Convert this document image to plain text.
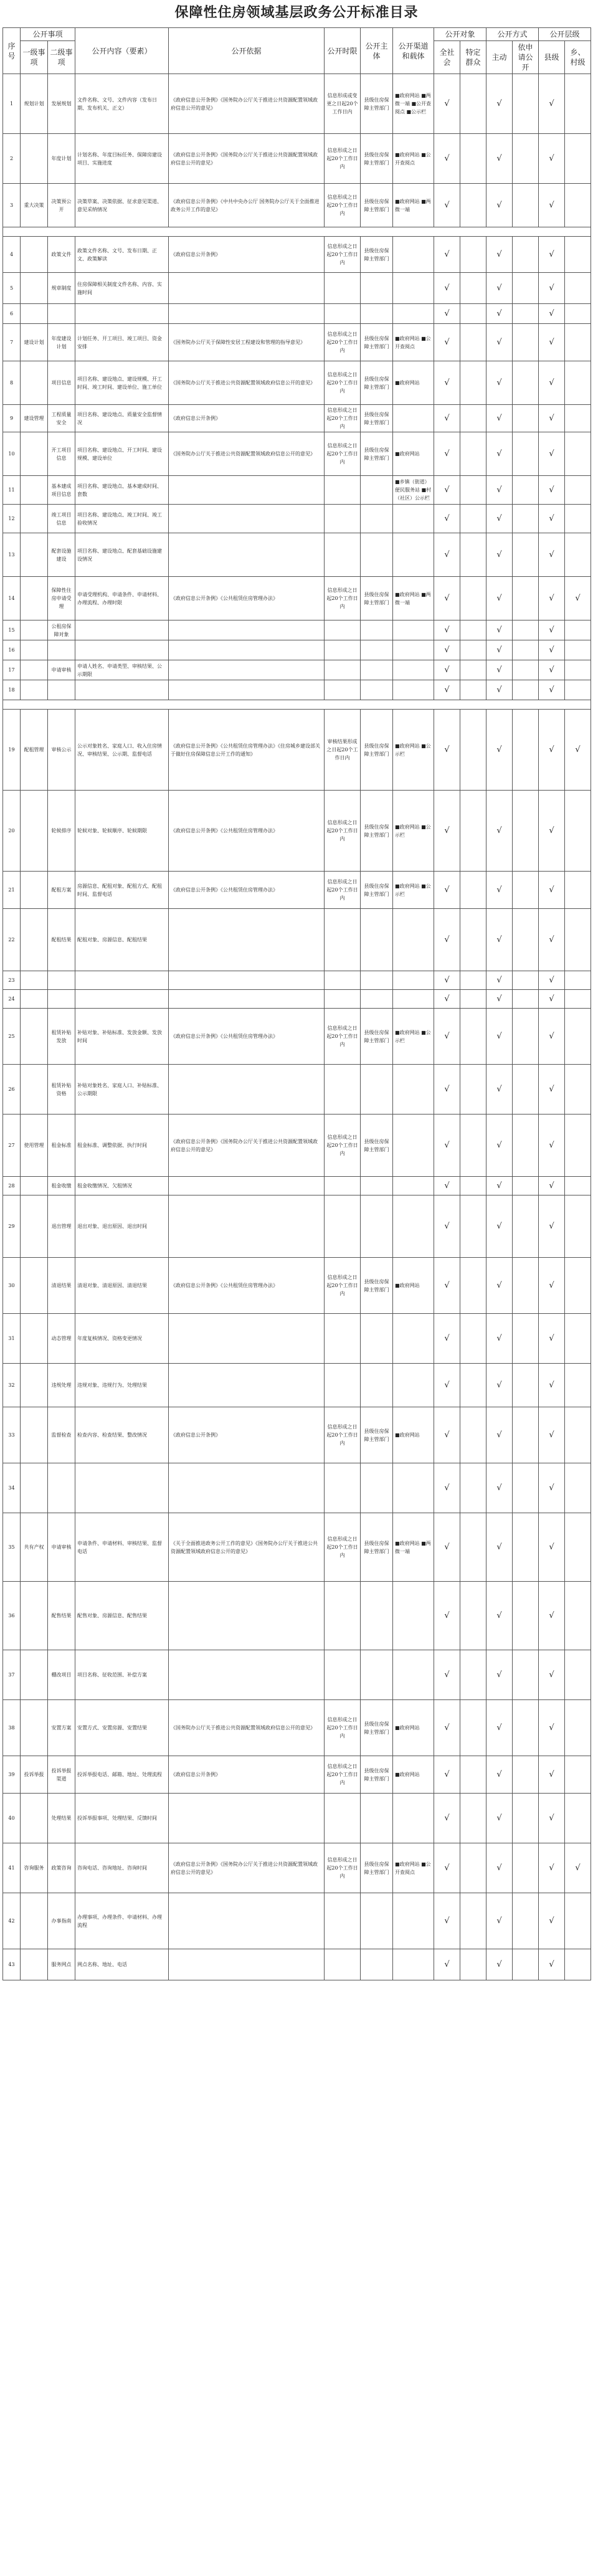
保障性住房领域基层政务公开标准目录
序号	公开事项		公开内容（要素）	公开依据	公开时限	公开主体	公开渠道和载体	公开对象		公开方式		公开层级	
	一级事项	二级事项						全社会	特定群众	主动	依申请公开	县级	乡、村级
1	规划计划	发展规划	文件名称、文号、文件内容（发布日期、发布机关、正文）	《政府信息公开条例》《国务院办公厅关于推进公共资源配置领域政府信息公开的意见》	信息形成或变更之日起20个工作日内	县级住房保障主管部门	■政府网站 ■两微一端 ■公开查阅点 ■公示栏	√		√		√	
2		年度计划	计划名称、年度目标任务、保障房建设项目、实施进度	《政府信息公开条例》《国务院办公厅关于推进公共资源配置领域政府信息公开的意见》	信息形成之日起20个工作日内	县级住房保障主管部门	■政府网站 ■公开查阅点	√		√		√	
3	重大决策	决策预公开	决策草案、决策依据、征求意见渠道、意见采纳情况	《政府信息公开条例》《中共中央办公厅 国务院办公厅关于全面推进政务公开工作的意见》	信息形成之日起20个工作日内	县级住房保障主管部门	■政府网站 ■两微一端	√		√		√	

4		政策文件	政策文件名称、文号、发布日期、正文、政策解读	《政府信息公开条例》	信息形成之日起20个工作日内	县级住房保障主管部门		√		√		√	
5		规章制度	住房保障相关制度文件名称、内容、实施时间					√		√		√	
6								√		√		√	
7	建设计划	年度建设计划	计划任务、开工项目、竣工项目、资金安排	《国务院办公厅关于保障性安居工程建设和管理的指导意见》	信息形成之日起20个工作日内	县级住房保障主管部门	■政府网站 ■公开查阅点	√		√		√	
8		项目信息	项目名称、建设地点、建设规模、开工时间、竣工时间、建设单位、施工单位	《国务院办公厅关于推进公共资源配置领域政府信息公开的意见》	信息形成之日起20个工作日内	县级住房保障主管部门	■政府网站	√		√		√	
9	建设管理	工程质量安全	项目名称、建设地点、质量安全监督情况	《政府信息公开条例》	信息形成之日起20个工作日内	县级住房保障主管部门		√		√		√	
10		开工项目信息	项目名称、建设地点、开工时间、建设规模、建设单位	《国务院办公厅关于推进公共资源配置领域政府信息公开的意见》	信息形成之日起20个工作日内	县级住房保障主管部门	■政府网站	√		√		√	
11		基本建成项目信息	项目名称、建设地点、基本建成时间、套数				■乡镇（街道）便民服务站 ■村（社区）公示栏	√		√		√	
12		竣工项目信息	项目名称、建设地点、竣工时间、竣工验收情况					√		√		√	
13		配套设施建设	项目名称、建设地点、配套基础设施建设情况					√		√		√	
14		保障性住房申请受理	申请受理机构、申请条件、申请材料、办理流程、办理时限	《政府信息公开条例》《公共租赁住房管理办法》	信息形成之日起20个工作日内	县级住房保障主管部门	■政府网站 ■两微一端	√		√		√	√
15		公租房保障对象						√		√		√	
16								√		√		√	
17		申请审核	申请人姓名、申请类型、审核结果、公示期限					√		√		√	
18								√		√		√	

19	配租管理	审核公示	公示对象姓名、家庭人口、收入住房情况、审核结果、公示期、监督电话	《政府信息公开条例》《公共租赁住房管理办法》《住房城乡建设部关于做好住房保障信息公开工作的通知》	审核结果形成之日起20个工作日内	县级住房保障主管部门	■政府网站 ■公示栏	√		√		√	√
20		轮候排序	轮候对象、轮候顺序、轮候期限	《政府信息公开条例》《公共租赁住房管理办法》	信息形成之日起20个工作日内	县级住房保障主管部门	■政府网站 ■公示栏	√		√		√	
21		配租方案	房源信息、配租对象、配租方式、配租时间、监督电话	《政府信息公开条例》《公共租赁住房管理办法》	信息形成之日起20个工作日内	县级住房保障主管部门	■政府网站 ■公示栏	√		√		√	
22		配租结果	配租对象、房源信息、配租结果					√		√		√	
23								√		√		√	
24								√		√		√	
25		租赁补贴发放	补贴对象、补贴标准、发放金额、发放时间	《政府信息公开条例》《公共租赁住房管理办法》	信息形成之日起20个工作日内	县级住房保障主管部门	■政府网站 ■公示栏	√		√		√	
26		租赁补贴资格	补贴对象姓名、家庭人口、补贴标准、公示期限					√		√		√	
27	使用管理	租金标准	租金标准、调整依据、执行时间	《政府信息公开条例》《国务院办公厅关于推进公共资源配置领域政府信息公开的意见》	信息形成之日起20个工作日内	县级住房保障主管部门		√		√		√	
28		租金收缴	租金收缴情况、欠租情况					√		√		√	
29		退出管理	退出对象、退出原因、退出时间					√		√		√	
30		清退结果	清退对象、清退原因、清退结果	《政府信息公开条例》《公共租赁住房管理办法》	信息形成之日起20个工作日内	县级住房保障主管部门	■政府网站	√		√		√	
31		动态管理	年度复核情况、资格变更情况					√		√		√	
32		违规处理	违规对象、违规行为、处理结果					√		√		√	
33		监督检查	检查内容、检查结果、整改情况	《政府信息公开条例》	信息形成之日起20个工作日内	县级住房保障主管部门	■政府网站	√		√		√	
34								√		√		√	
35	共有产权	申请审核	申请条件、申请材料、审核结果、监督电话	《关于全面推进政务公开工作的意见》《国务院办公厅关于推进公共资源配置领域政府信息公开的意见》	信息形成之日起20个工作日内	县级住房保障主管部门	■政府网站 ■两微一端	√		√		√	
36		配售结果	配售对象、房源信息、配售结果					√		√		√	
37		棚改项目	项目名称、征收范围、补偿方案					√		√		√	
38		安置方案	安置方式、安置房源、安置结果	《国务院办公厅关于推进公共资源配置领域政府信息公开的意见》	信息形成之日起20个工作日内	县级住房保障主管部门	■政府网站	√		√		√	
39	投诉举报	投诉举报渠道	投诉举报电话、邮箱、地址、处理流程	《政府信息公开条例》	信息形成之日起20个工作日内	县级住房保障主管部门	■政府网站	√		√		√	
40		处理结果	投诉举报事项、处理结果、反馈时间					√		√		√	
41	咨询服务	政策咨询	咨询电话、咨询地址、咨询时间	《政府信息公开条例》《国务院办公厅关于推进公共资源配置领域政府信息公开的意见》	信息形成之日起20个工作日内	县级住房保障主管部门	■政府网站 ■公开查阅点	√		√		√	√
42		办事指南	办理事项、办理条件、申请材料、办理流程					√		√		√	
43		服务网点	网点名称、地址、电话					√		√		√	
